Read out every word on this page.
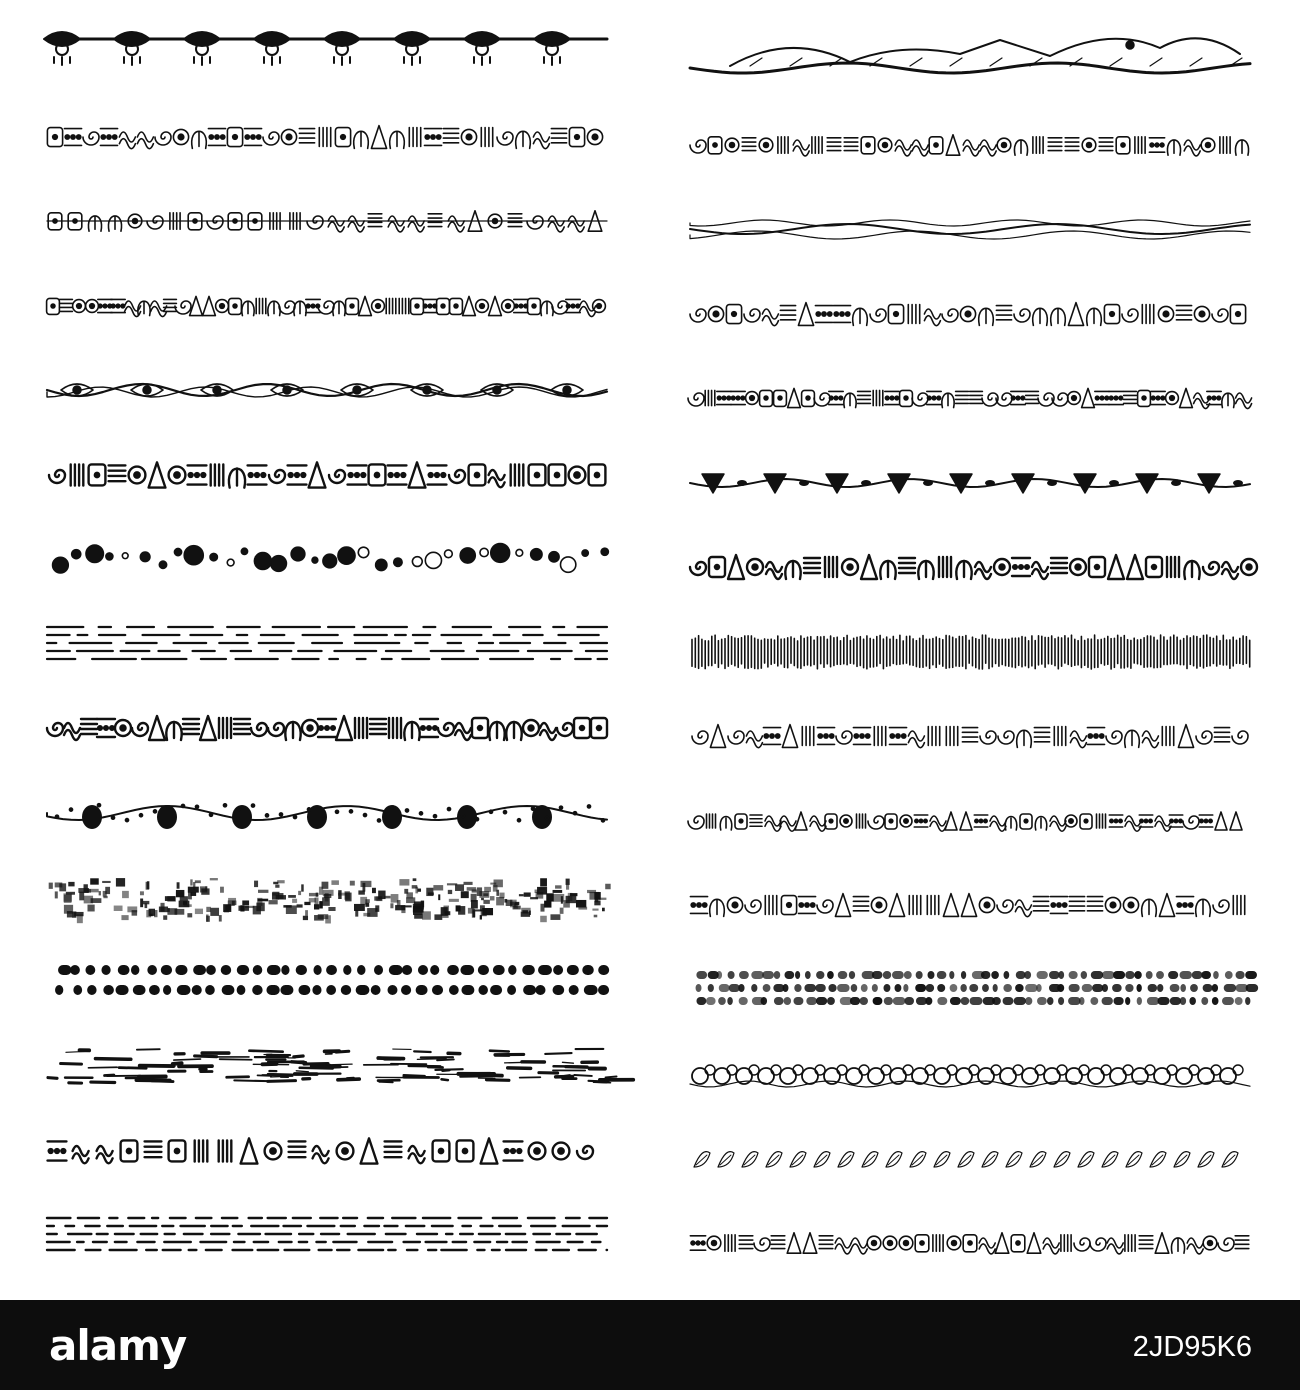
alamy	2JD95K6
